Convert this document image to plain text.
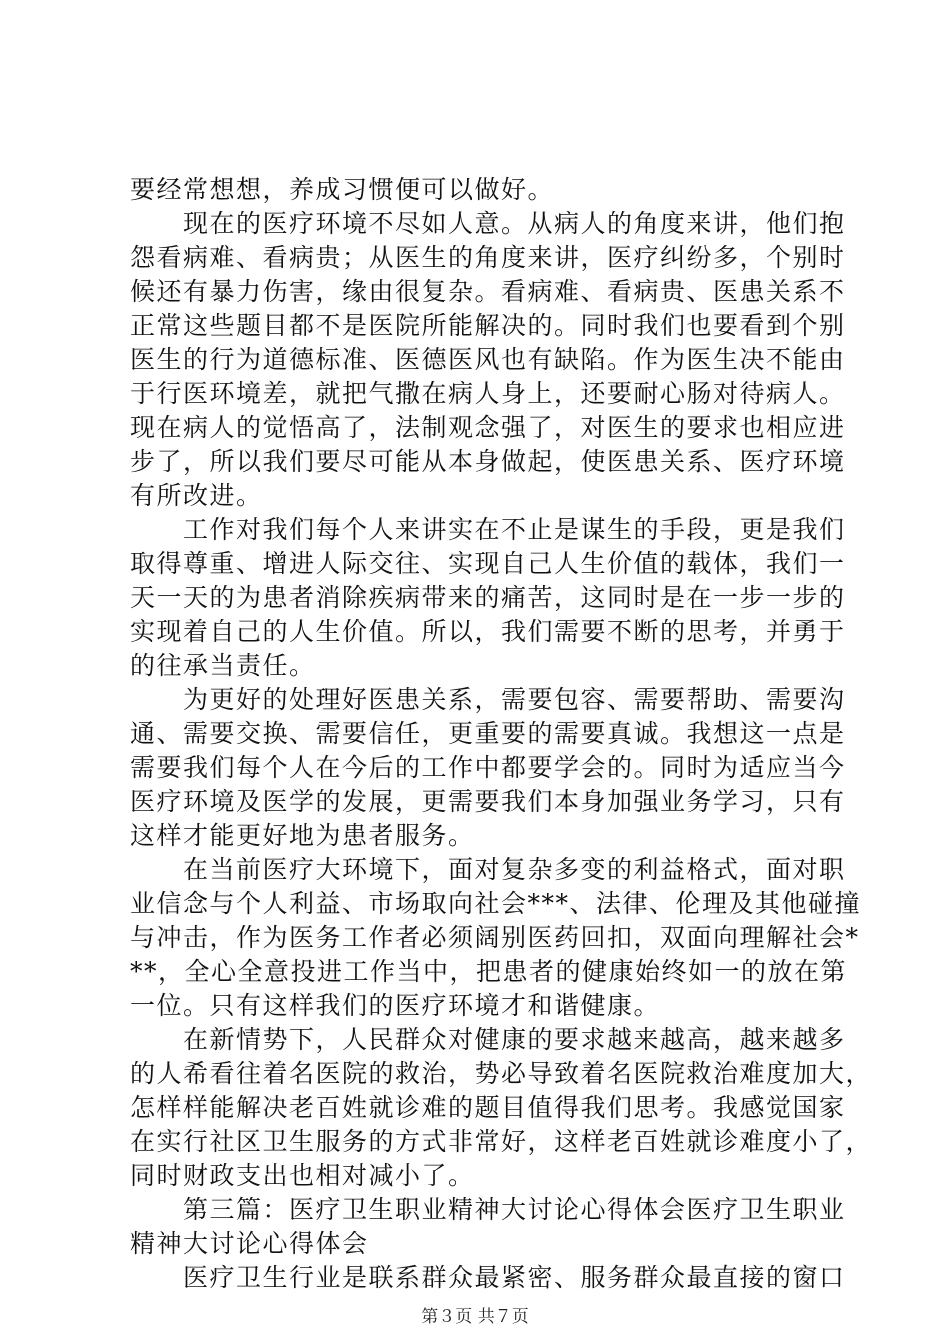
要经常想想，养成习惯便可以做好。
　　现在的医疗环境不尽如人意。从病人的角度来讲，他们抱
怨看病难、看病贵；从医生的角度来讲，医疗纠纷多，个别时
候还有暴力伤害，缘由很复杂。看病难、看病贵、医患关系不
正常这些题目都不是医院所能解决的。同时我们也要看到个别
医生的行为道德标准、医德医风也有缺陷。作为医生决不能由
于行医环境差，就把气撒在病人身上，还要耐心肠对待病人。
现在病人的觉悟高了，法制观念强了，对医生的要求也相应进
步了，所以我们要尽可能从本身做起，使医患关系、医疗环境
有所改进。
　　工作对我们每个人来讲实在不止是谋生的手段，更是我们
取得尊重、增进人际交往、实现自己人生价值的载体，我们一
天一天的为患者消除疾病带来的痛苦，这同时是在一步一步的
实现着自己的人生价值。所以，我们需要不断的思考，并勇于
的往承当责任。
　　为更好的处理好医患关系，需要包容、需要帮助、需要沟
通、需要交换、需要信任，更重要的需要真诚。我想这一点是
需要我们每个人在今后的工作中都要学会的。同时为适应当今
医疗环境及医学的发展，更需要我们本身加强业务学习，只有
这样才能更好地为患者服务。
　　在当前医疗大环境下，面对复杂多变的利益格式，面对职
业信念与个人利益、市场取向社会***、法律、伦理及其他碰撞
与冲击，作为医务工作者必须阔别医药回扣，双面向理解社会*
**，全心全意投进工作当中，把患者的健康始终如一的放在第
一位。只有这样我们的医疗环境才和谐健康。
　　在新情势下，人民群众对健康的要求越来越高，越来越多
的人希看往着名医院的救治，势必导致着名医院救治难度加大，
怎样样能解决老百姓就诊难的题目值得我们思考。我感觉国家
在实行社区卫生服务的方式非常好，这样老百姓就诊难度小了，
同时财政支出也相对减小了。
　　第三篇：医疗卫生职业精神大讨论心得体会医疗卫生职业
精神大讨论心得体会
　　医疗卫生行业是联系群众最紧密、服务群众最直接的窗口
第３页 共７页
